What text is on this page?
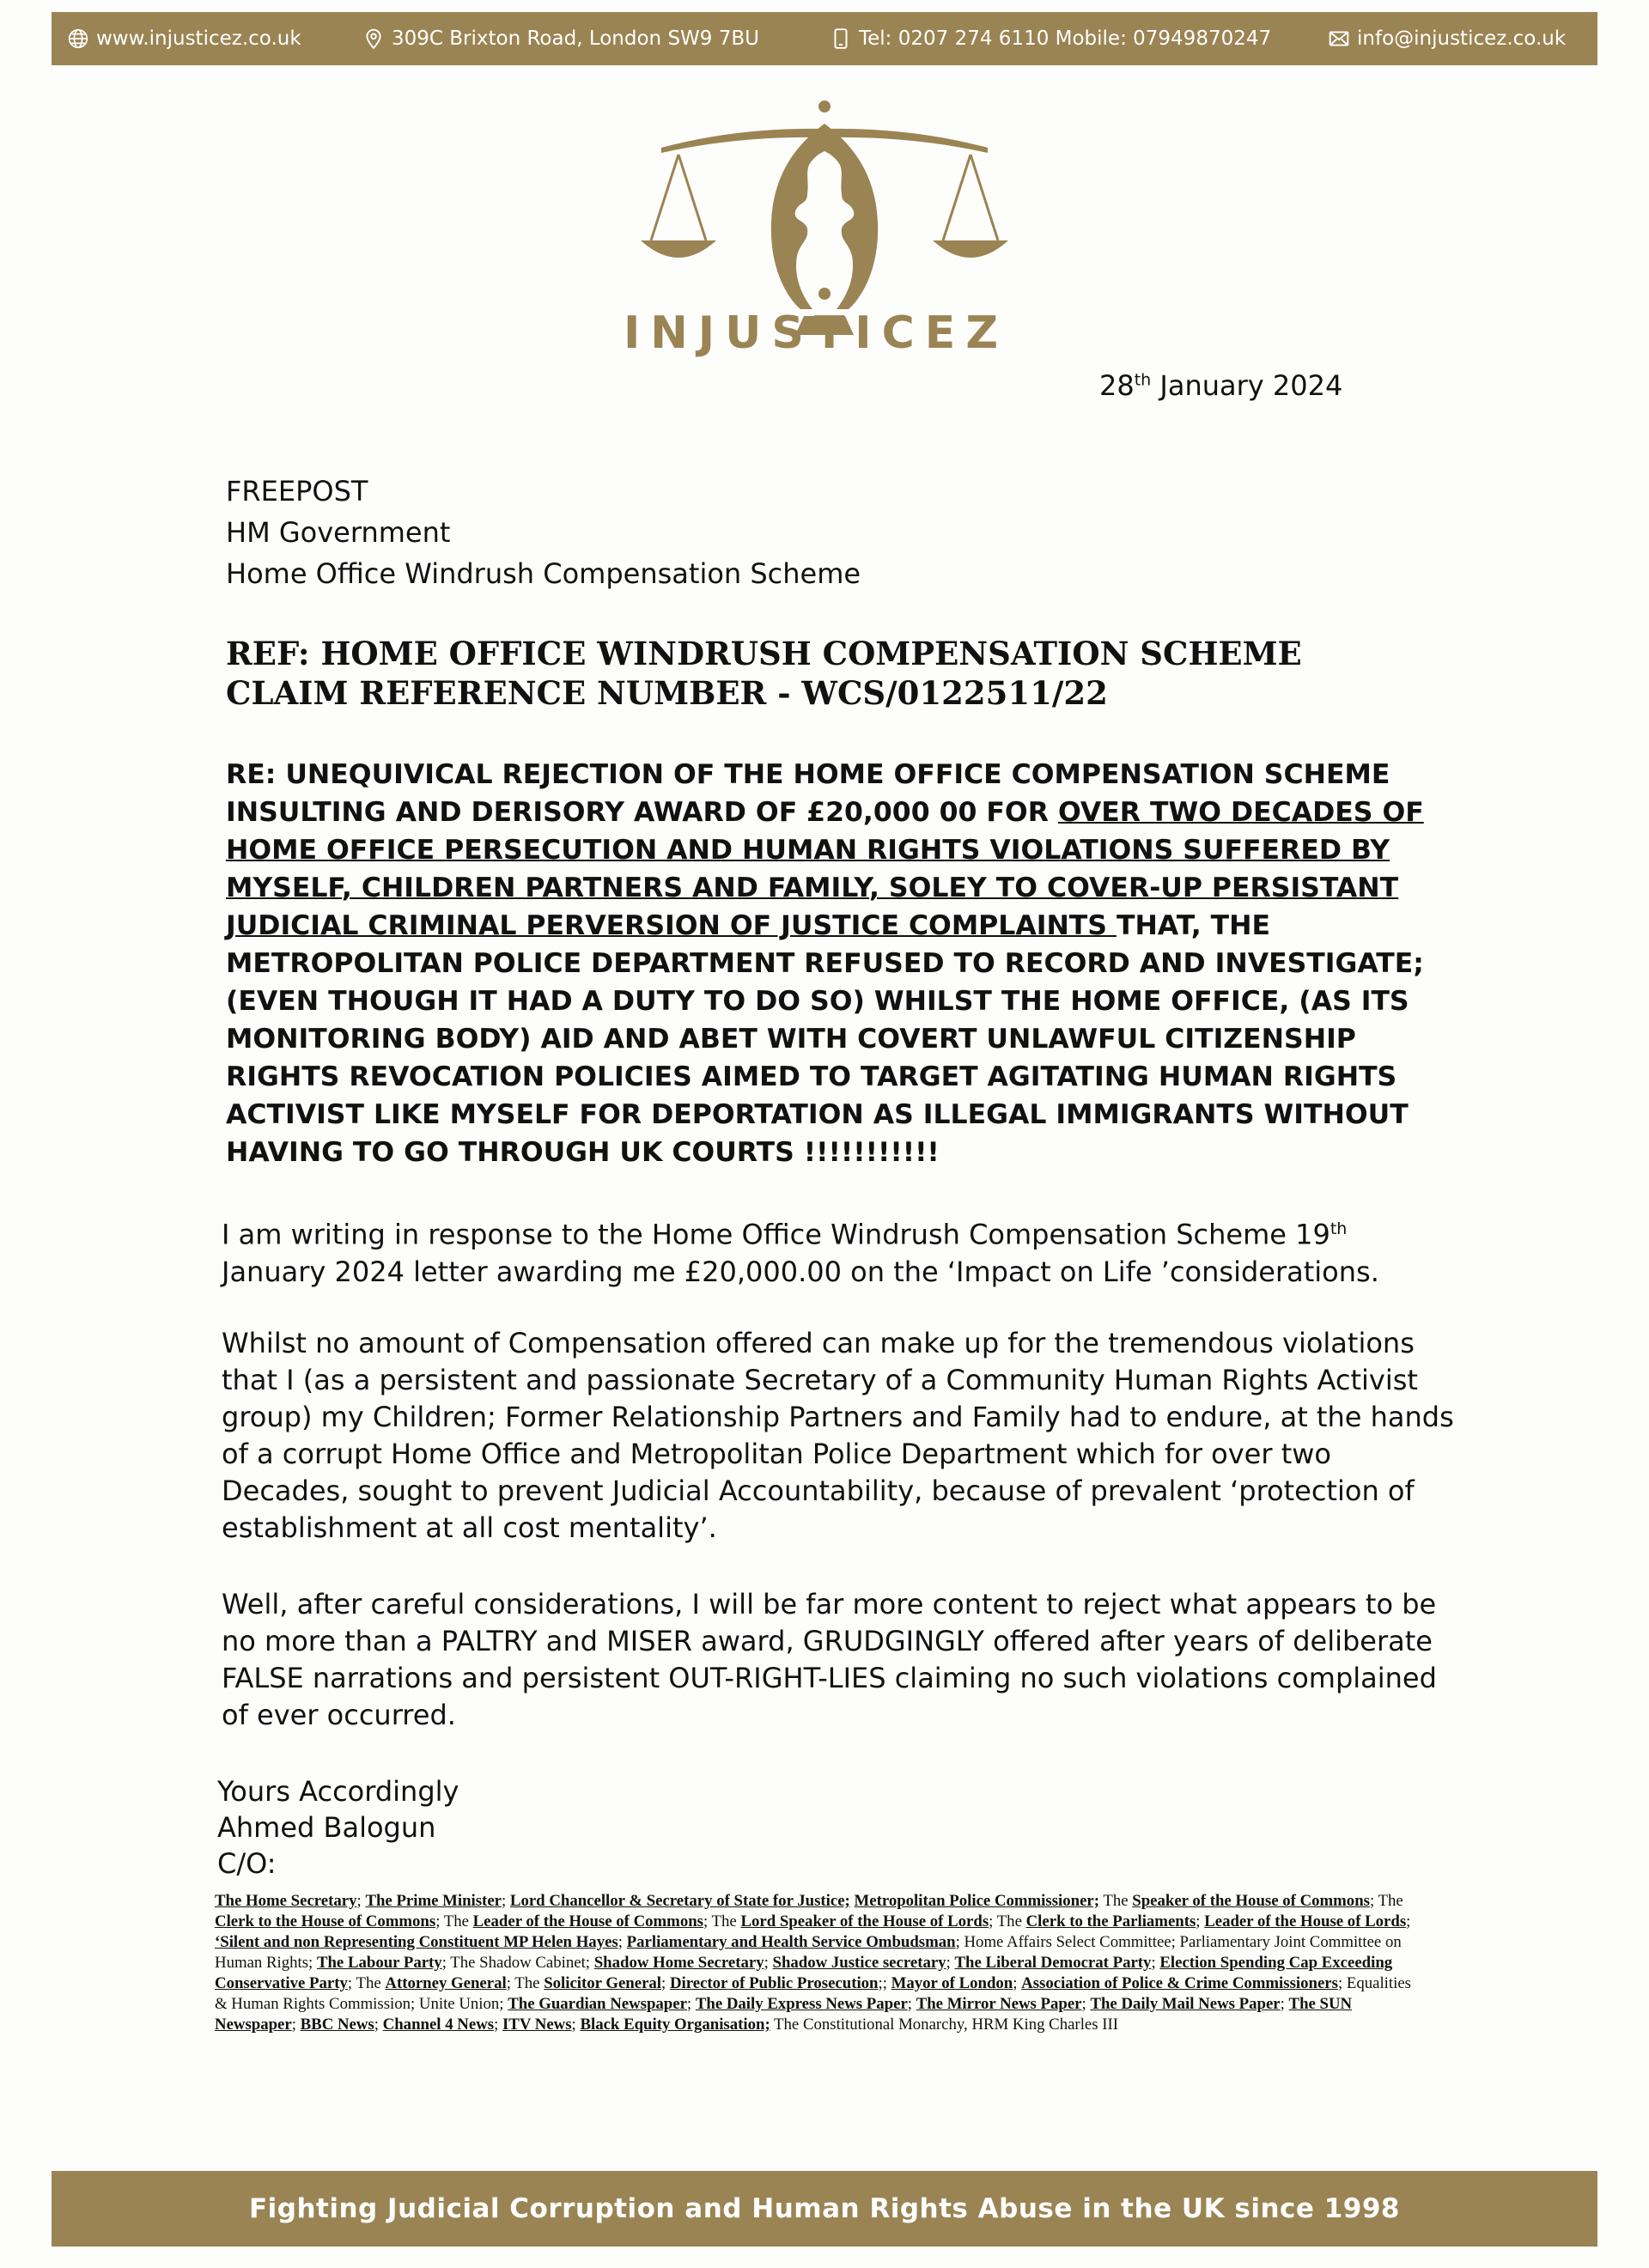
www.injusticez.co.uk	309C Brixton Road, London SW9 7BU	Tel: 0207 274 6110 Mobile: 07949870247	info@injusticez.co.uk
INJUSTICEZ
28th January 2024
FREEPOST
HM Government
Home Office Windrush Compensation Scheme
REF: HOME OFFICE WINDRUSH COMPENSATION SCHEME
CLAIM REFERENCE NUMBER - WCS/0122511/22
RE: UNEQUIVICAL REJECTION OF THE HOME OFFICE COMPENSATION SCHEME INSULTING AND DERISORY AWARD OF £20,000 00 FOR OVER TWO DECADES OF HOME OFFICE PERSECUTION AND HUMAN RIGHTS VIOLATIONS SUFFERED BY MYSELF, CHILDREN PARTNERS AND FAMILY, SOLEY TO COVER-UP PERSISTANT JUDICIAL CRIMINAL PERVERSION OF JUSTICE COMPLAINTS THAT, THE METROPOLITAN POLICE DEPARTMENT REFUSED TO RECORD AND INVESTIGATE; (EVEN THOUGH IT HAD A DUTY TO DO SO) WHILST THE HOME OFFICE, (AS ITS MONITORING BODY) AID AND ABET WITH COVERT UNLAWFUL CITIZENSHIP RIGHTS REVOCATION POLICIES AIMED TO TARGET AGITATING HUMAN RIGHTS ACTIVIST LIKE MYSELF FOR DEPORTATION AS ILLEGAL IMMIGRANTS WITHOUT HAVING TO GO THROUGH UK COURTS !!!!!!!!!!!
I am writing in response to the Home Office Windrush Compensation Scheme 19th January 2024 letter awarding me £20,000.00 on the ‘Impact on Life ’considerations.
Whilst no amount of Compensation offered can make up for the tremendous violations that I (as a persistent and passionate Secretary of a Community Human Rights Activist group) my Children; Former Relationship Partners and Family had to endure, at the hands of a corrupt Home Office and Metropolitan Police Department which for over two Decades, sought to prevent Judicial Accountability, because of prevalent ‘protection of establishment at all cost mentality’.
Well, after careful considerations, I will be far more content to reject what appears to be no more than a PALTRY and MISER award, GRUDGINGLY offered after years of deliberate FALSE narrations and persistent OUT-RIGHT-LIES claiming no such violations complained of ever occurred.
Yours Accordingly
Ahmed Balogun
C/O:
The Home Secretary; The Prime Minister; Lord Chancellor & Secretary of State for Justice; Metropolitan Police Commissioner; The Speaker of the House of Commons; The Clerk to the House of Commons; The Leader of the House of Commons; The Lord Speaker of the House of Lords; The Clerk to the Parliaments; Leader of the House of Lords; ‘Silent and non Representing Constituent MP Helen Hayes; Parliamentary and Health Service Ombudsman; Home Affairs Select Committee; Parliamentary Joint Committee on Human Rights; The Labour Party; The Shadow Cabinet; Shadow Home Secretary; Shadow Justice secretary; The Liberal Democrat Party; Election Spending Cap Exceeding Conservative Party; The Attorney General; The Solicitor General; Director of Public Prosecution;; Mayor of London; Association of Police & Crime Commissioners; Equalities & Human Rights Commission; Unite Union; The Guardian Newspaper; The Daily Express News Paper; The Mirror News Paper; The Daily Mail News Paper; The SUN Newspaper; BBC News; Channel 4 News; ITV News; Black Equity Organisation; The Constitutional Monarchy, HRM King Charles III
Fighting Judicial Corruption and Human Rights Abuse in the UK since 1998
